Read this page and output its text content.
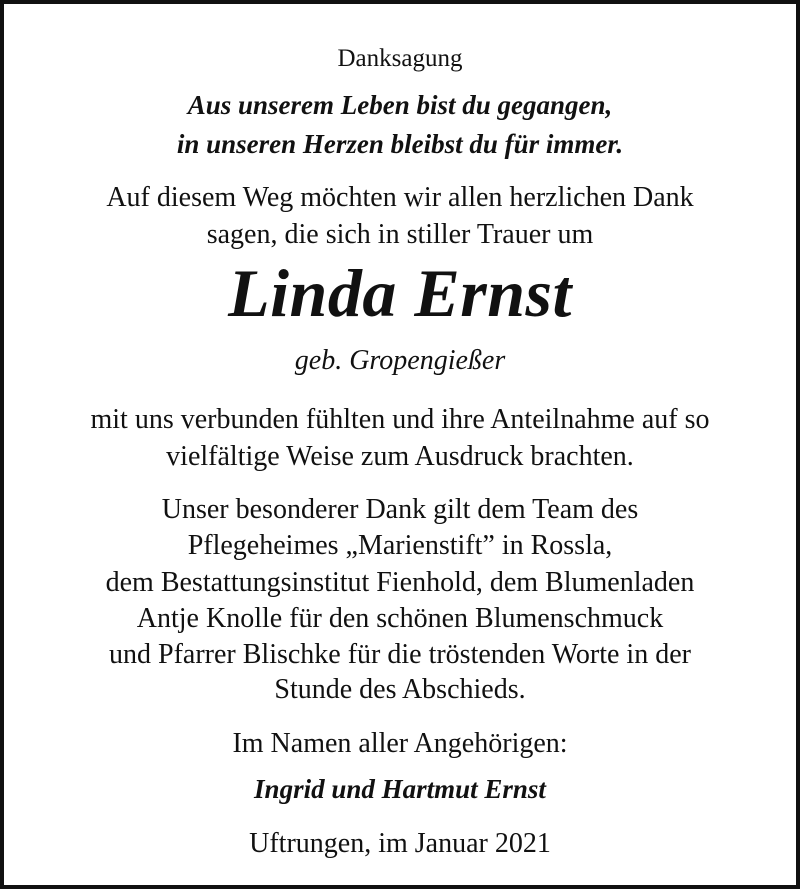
Danksagung
Aus unserem Leben bist du gegangen,
in unseren Herzen bleibst du für immer.
Auf diesem Weg möchten wir allen herzlichen Dank
sagen, die sich in stiller Trauer um
Linda Ernst
geb. Gropengießer
mit uns verbunden fühlten und ihre Anteilnahme auf so
vielfältige Weise zum Ausdruck brachten.
Unser besonderer Dank gilt dem Team des
Pflegeheimes „Marienstift” in Rossla,
dem Bestattungsinstitut Fienhold, dem Blumenladen
Antje Knolle für den schönen Blumenschmuck
und Pfarrer Blischke für die tröstenden Worte in der
Stunde des Abschieds.
Im Namen aller Angehörigen:
Ingrid und Hartmut Ernst
Uftrungen, im Januar 2021
